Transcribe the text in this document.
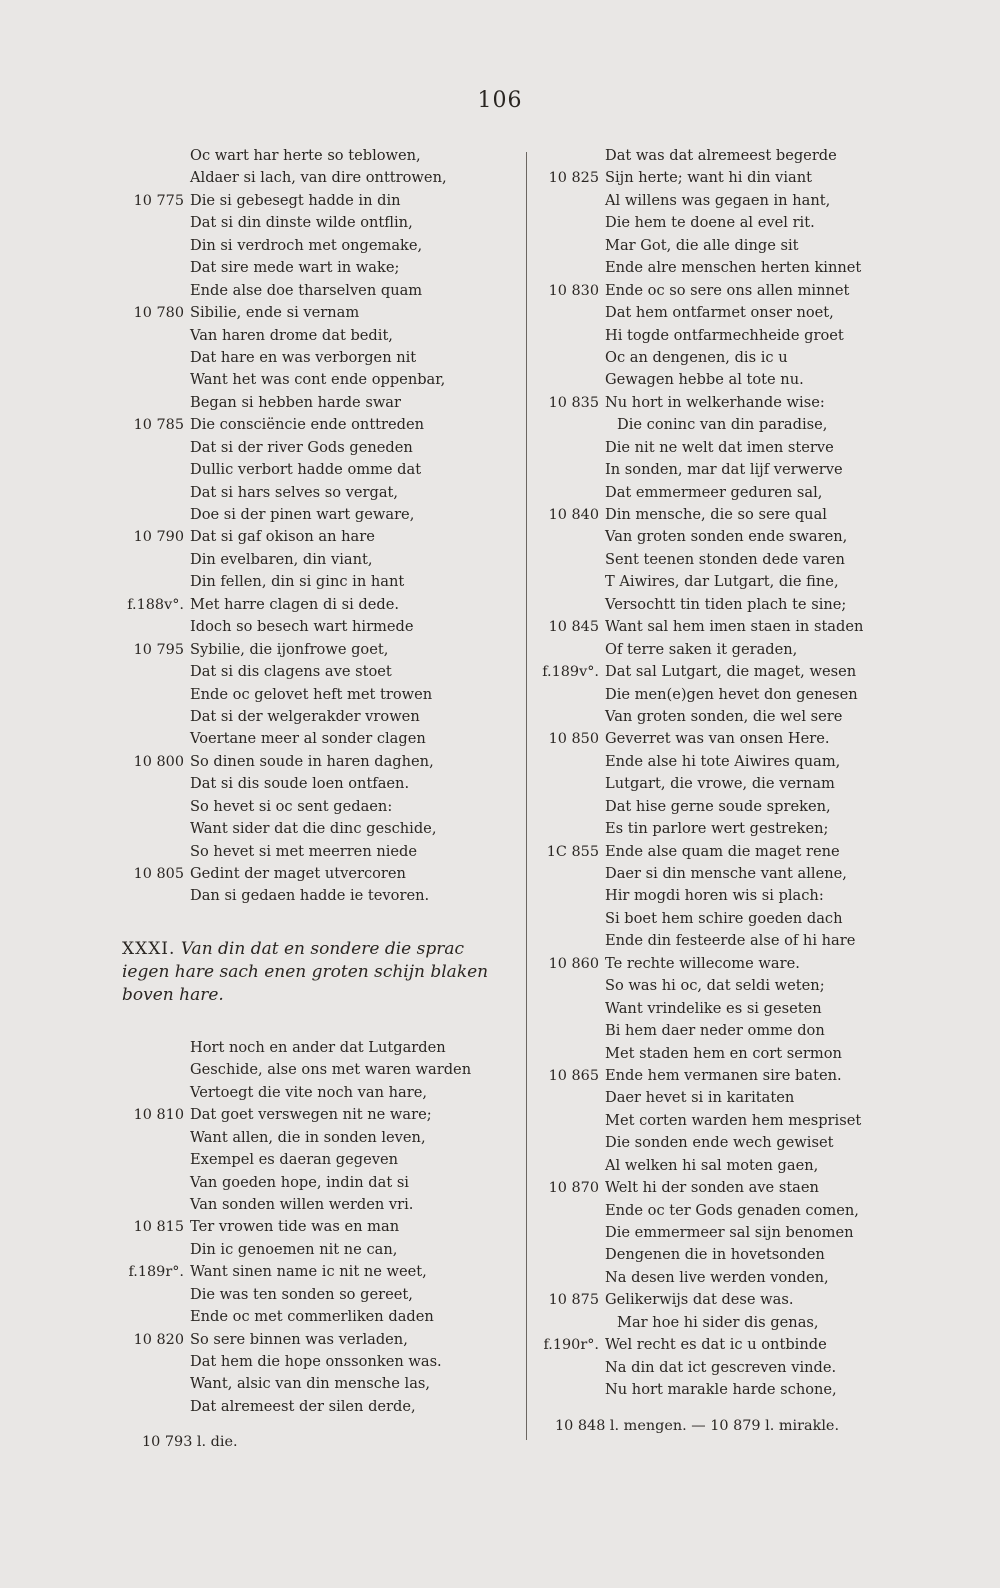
106
Oc wart har herte so teblowen,
Aldaer si lach, van dire onttrowen,
10 775 Die si gebesegt hadde in din
Dat si din dinste wilde ontflin,
Din si verdroch met ongemake,
Dat sire mede wart in wake;
Ende alse doe tharselven quam
10 780 Sibilie, ende si vernam
Van haren drome dat bedit,
Dat hare en was verborgen nit
Want het was cont ende oppenbar,
Began si hebben harde swar
10 785 Die consciëncie ende onttreden
Dat si der river Gods geneden
Dullic verbort hadde omme dat
Dat si hars selves so vergat,
Doe si der pinen wart geware,
10 790 Dat si gaf okison an hare
Din evelbaren, din viant,
Din fellen, din si ginc in hant
f.188v°. Met harre clagen di si dede.
Idoch so besech wart hirmede
10 795 Sybilie, die ijonfrowe goet,
Dat si dis clagens ave stoet
Ende oc gelovet heft met trowen
Dat si der welgerakder vrowen
Voertane meer al sonder clagen
10 800 So dinen soude in haren daghen,
Dat si dis soude loen ontfaen.
So hevet si oc sent gedaen:
Want sider dat die dinc geschide,
So hevet si met meerren niede
10 805 Gedint der maget utvercoren
Dan si gedaen hadde ie tevoren.
XXXI. Van din dat en sondere die sprac iegen hare sach enen groten schijn blaken boven hare.
Hort noch en ander dat Lutgarden
Geschide, alse ons met waren warden
Vertoegt die vite noch van hare,
10 810 Dat goet verswegen nit ne ware;
Want allen, die in sonden leven,
Exempel es daeran gegeven
Van goeden hope, indin dat si
Van sonden willen werden vri.
10 815 Ter vrowen tide was en man
Din ic genoemen nit ne can,
f.189r°. Want sinen name ic nit ne weet,
Die was ten sonden so gereet,
Ende oc met commerliken daden
10 820 So sere binnen was verladen,
Dat hem die hope onssonken was.
Want, alsic van din mensche las,
Dat alremeest der silen derde,
10 793 l. die.
Dat was dat alremeest begerde
10 825 Sijn herte; want hi din viant
Al willens was gegaen in hant,
Die hem te doene al evel rit.
Mar Got, die alle dinge sit
Ende alre menschen herten kinnet
10 830 Ende oc so sere ons allen minnet
Dat hem ontfarmet onser noet,
Hi togde ontfarmechheide groet
Oc an dengenen, dis ic u
Gewagen hebbe al tote nu.
10 835 Nu hort in welkerhande wise:
Die coninc van din paradise,
Die nit ne welt dat imen sterve
In sonden, mar dat lijf verwerve
Dat emmermeer geduren sal,
10 840 Din mensche, die so sere qual
Van groten sonden ende swaren,
Sent teenen stonden dede varen
T Aiwires, dar Lutgart, die fine,
Versochtt tin tiden plach te sine;
10 845 Want sal hem imen staen in staden
Of terre saken it geraden,
f.189v°. Dat sal Lutgart, die maget, wesen
Die men(e)gen hevet don genesen
Van groten sonden, die wel sere
10 850 Geverret was van onsen Here.
Ende alse hi tote Aiwires quam,
Lutgart, die vrowe, die vernam
Dat hise gerne soude spreken,
Es tin parlore wert gestreken;
1C 855 Ende alse quam die maget rene
Daer si din mensche vant allene,
Hir mogdi horen wis si plach:
Si boet hem schire goeden dach
Ende din festeerde alse of hi hare
10 860 Te rechte willecome ware.
So was hi oc, dat seldi weten;
Want vrindelike es si geseten
Bi hem daer neder omme don
Met staden hem en cort sermon
10 865 Ende hem vermanen sire baten.
Daer hevet si in karitaten
Met corten warden hem mespriset
Die sonden ende wech gewiset
Al welken hi sal moten gaen,
10 870 Welt hi der sonden ave staen
Ende oc ter Gods genaden comen,
Die emmermeer sal sijn benomen
Dengenen die in hovetsonden
Na desen live werden vonden,
10 875 Gelikerwijs dat dese was.
Mar hoe hi sider dis genas,
f.190r°. Wel recht es dat ic u ontbinde
Na din dat ict gescreven vinde.
Nu hort marakle harde schone,
10 848 l. mengen. — 10 879 l. mirakle.
